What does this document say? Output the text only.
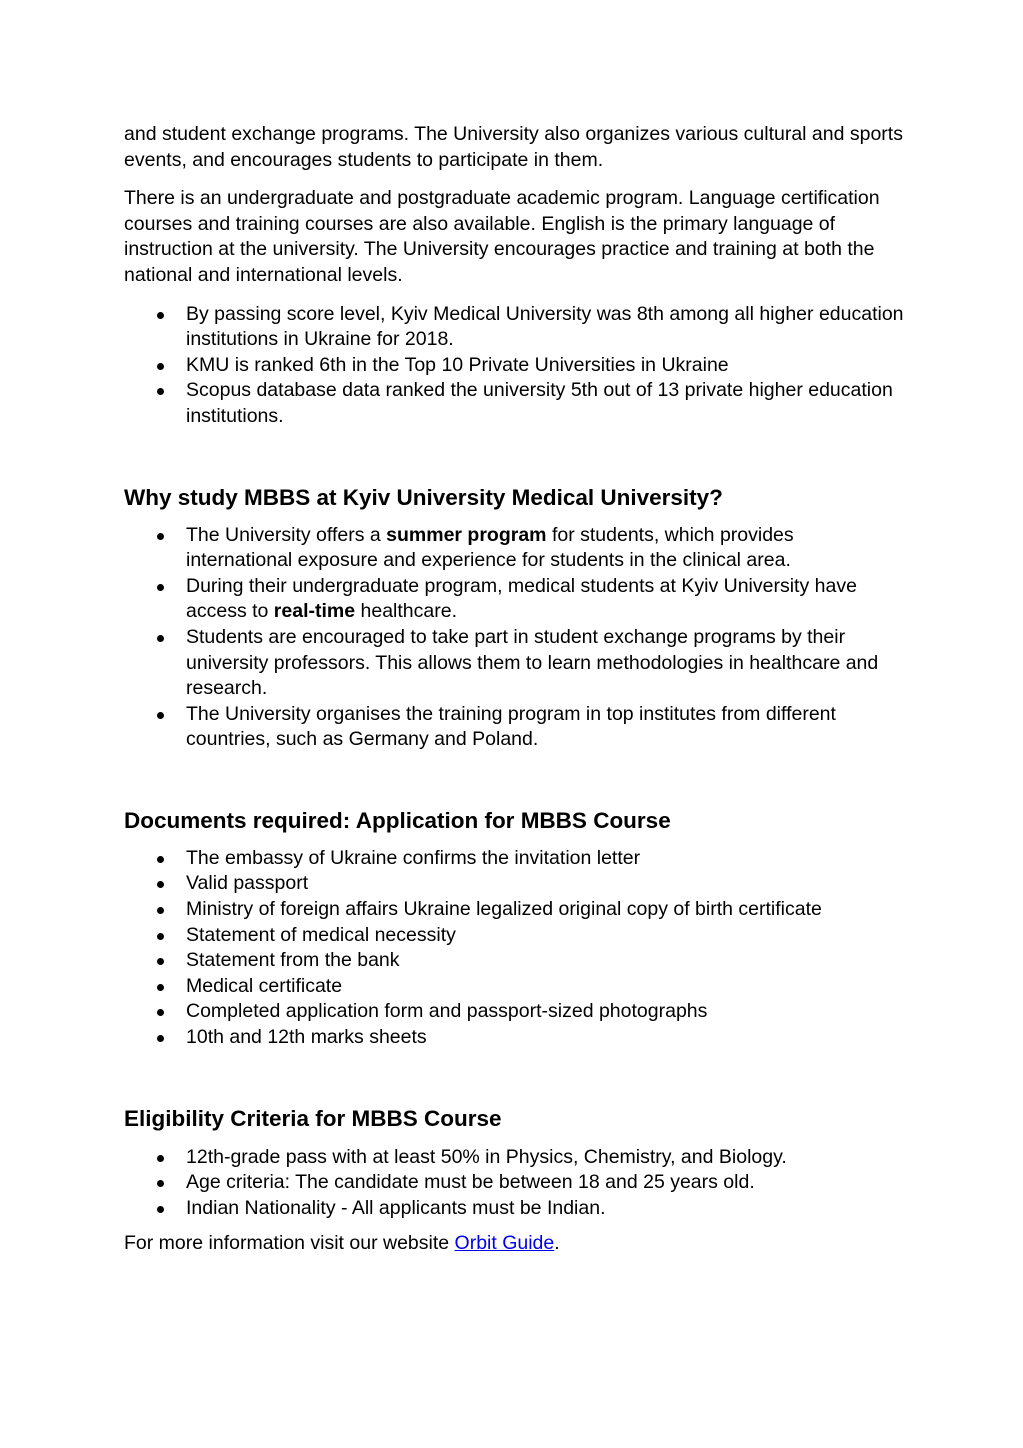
and student exchange programs. The University also organizes various cultural and sports events, and encourages students to participate in them.

There is an undergraduate and postgraduate academic program. Language certification courses and training courses are also available. English is the primary language of instruction at the university. The University encourages practice and training at both the national and international levels.

By passing score level, Kyiv Medical University was 8th among all higher education institutions in Ukraine for 2018.
KMU is ranked 6th in the Top 10 Private Universities in Ukraine
Scopus database data ranked the university 5th out of 13 private higher education institutions.
Why study MBBS at Kyiv University Medical University?
The University offers a summer program for students, which provides international exposure and experience for students in the clinical area.
During their undergraduate program, medical students at Kyiv University have access to real-time healthcare.
Students are encouraged to take part in student exchange programs by their university professors. This allows them to learn methodologies in healthcare and research.
The University organises the training program in top institutes from different countries, such as Germany and Poland.
Documents required: Application for MBBS Course
The embassy of Ukraine confirms the invitation letter
Valid passport
Ministry of foreign affairs Ukraine legalized original copy of birth certificate
Statement of medical necessity
Statement from the bank
Medical certificate
Completed application form and passport-sized photographs
10th and 12th marks sheets
Eligibility Criteria for MBBS Course
12th-grade pass with at least 50% in Physics, Chemistry, and Biology.
Age criteria: The candidate must be between 18 and 25 years old.
Indian Nationality - All applicants must be Indian.

For more information visit our website Orbit Guide.
